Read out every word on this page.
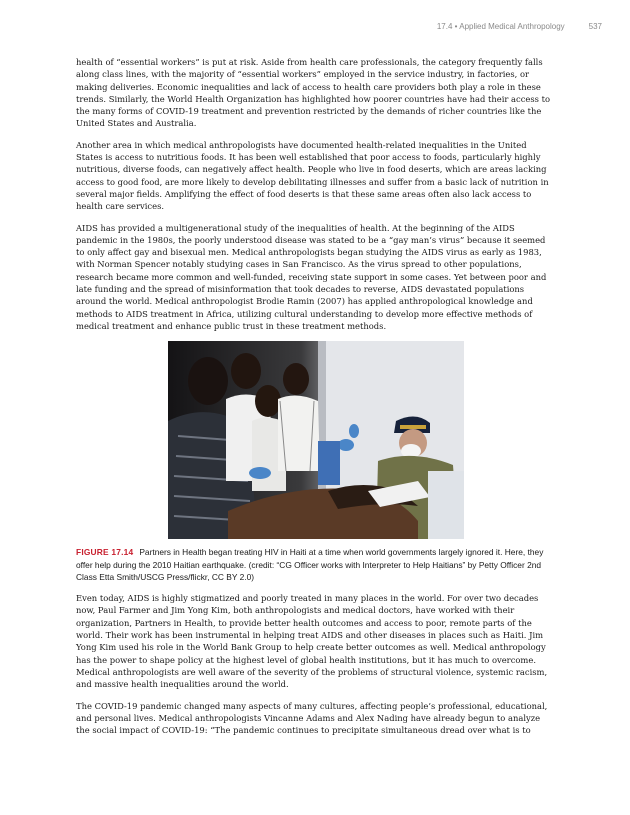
17.4 • Applied Medical Anthropology	537

health of “essential workers” is put at risk. Aside from health care professionals, the category frequently falls along class lines, with the majority of “essential workers” employed in the service industry, in factories, or making deliveries. Economic inequalities and lack of access to health care providers both play a role in these trends. Similarly, the World Health Organization has highlighted how poorer countries have had their access to the many forms of COVID-19 treatment and prevention restricted by the demands of richer countries like the United States and Australia.

Another area in which medical anthropologists have documented health-related inequalities in the United States is access to nutritious foods. It has been well established that poor access to foods, particularly highly nutritious, diverse foods, can negatively affect health. People who live in food deserts, which are areas lacking access to good food, are more likely to develop debilitating illnesses and suffer from a basic lack of nutrition in several major fields. Amplifying the effect of food deserts is that these same areas often also lack access to health care services.

AIDS has provided a multigenerational study of the inequalities of health. At the beginning of the AIDS pandemic in the 1980s, the poorly understood disease was stated to be a “gay man’s virus” because it seemed to only affect gay and bisexual men. Medical anthropologists began studying the AIDS virus as early as 1983, with Norman Spencer notably studying cases in San Francisco. As the virus spread to other populations, research became more common and well-funded, receiving state support in some cases. Yet between poor and late funding and the spread of misinformation that took decades to reverse, AIDS devastated populations around the world. Medical anthropologist Brodie Ramin (2007) has applied anthropological knowledge and methods to AIDS treatment in Africa, utilizing cultural understanding to develop more effective methods of medical treatment and enhance public trust in these treatment methods.

FIGURE 17.14 Partners in Health began treating HIV in Haiti at a time when world governments largely ignored it. Here, they offer help during the 2010 Haitian earthquake. (credit: “CG Officer works with Interpreter to Help Haitians” by Petty Officer 2nd Class Etta Smith/USCG Press/flickr, CC BY 2.0)

Even today, AIDS is highly stigmatized and poorly treated in many places in the world. For over two decades now, Paul Farmer and Jim Yong Kim, both anthropologists and medical doctors, have worked with their organization, Partners in Health, to provide better health outcomes and access to poor, remote parts of the world. Their work has been instrumental in helping treat AIDS and other diseases in places such as Haiti. Jim Yong Kim used his role in the World Bank Group to help create better outcomes as well. Medical anthropology has the power to shape policy at the highest level of global health institutions, but it has much to overcome. Medical anthropologists are well aware of the severity of the problems of structural violence, systemic racism, and massive health inequalities around the world.

The COVID-19 pandemic changed many aspects of many cultures, affecting people’s professional, educational, and personal lives. Medical anthropologists Vincanne Adams and Alex Nading have already begun to analyze the social impact of COVID-19: “The pandemic continues to precipitate simultaneous dread over what is to
